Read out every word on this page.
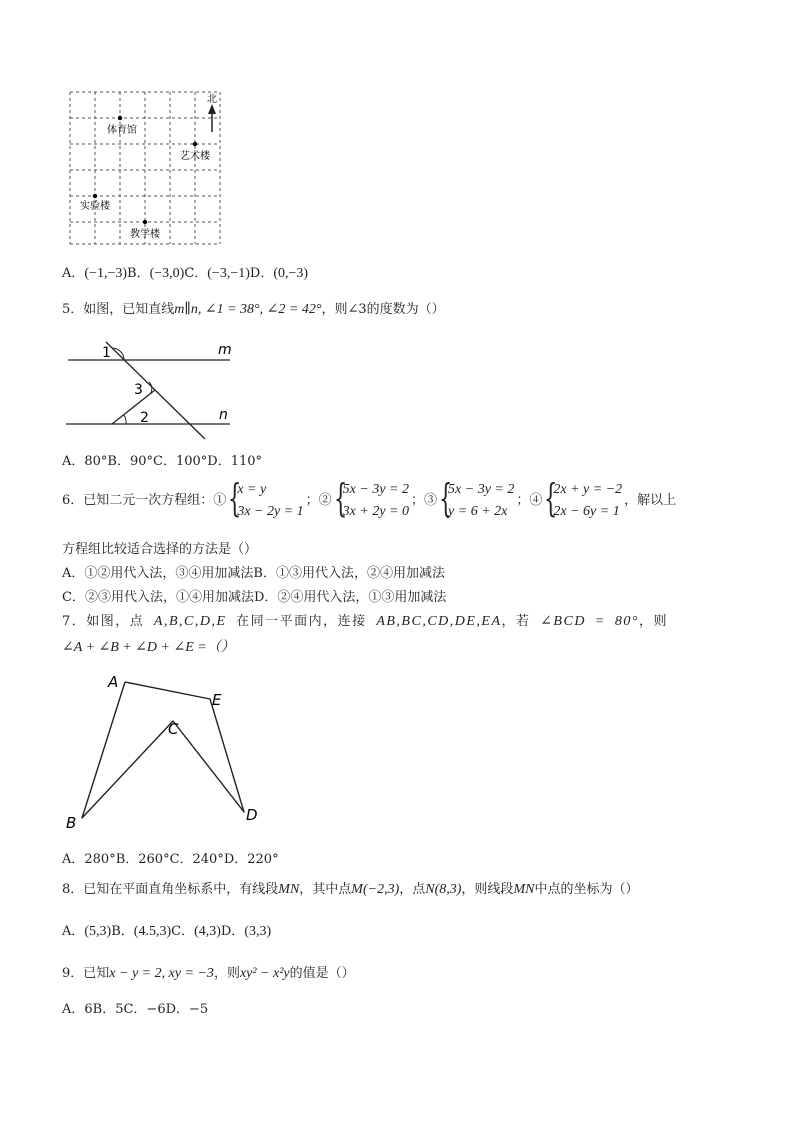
北
体育馆
艺术楼
实验楼
教学楼
A．(−1,−3)B．(−3,0)C．(−3,−1)D．(0,−3)
5．如图，已知直线m∥n, ∠1 = 38°, ∠2 = 42°，则∠3的度数为（）
1
3
2
m
n
A．80°B．90°C．100°D．110°
6．已知二元一次方程组：① {
x = y
3x − 2y = 1
；② {
5x − 3y = 2
3x + 2y = 0
；③ {
5x − 3y = 2
y = 6 + 2x
；④ {
2x + y = −2
2x − 6y = 1
，解以上
方程组比较适合选择的方法是（）
A．①②用代入法，③④用加减法B．①③用代入法，②④用加减法
C．②③用代入法，①④用加减法D．②④用代入法，①③用加减法
7．如图，点 A,B,C,D,E 在同一平面内，连接 AB,BC,CD,DE,EA，若 ∠BCD = 80°，则
∠A + ∠B + ∠D + ∠E =（）
A
E
C
B	D
A．280°B．260°C．240°D．220°
8．已知在平面直角坐标系中，有线段MN，其中点M(−2,3)，点N(8,3)，则线段MN中点的坐标为（）
A．(5,3)B．(4.5,3)C．(4,3)D．(3,3)
9．已知x − y = 2, xy = −3，则xy² − x²y的值是（）
A．6B．5C．−6D．−5
